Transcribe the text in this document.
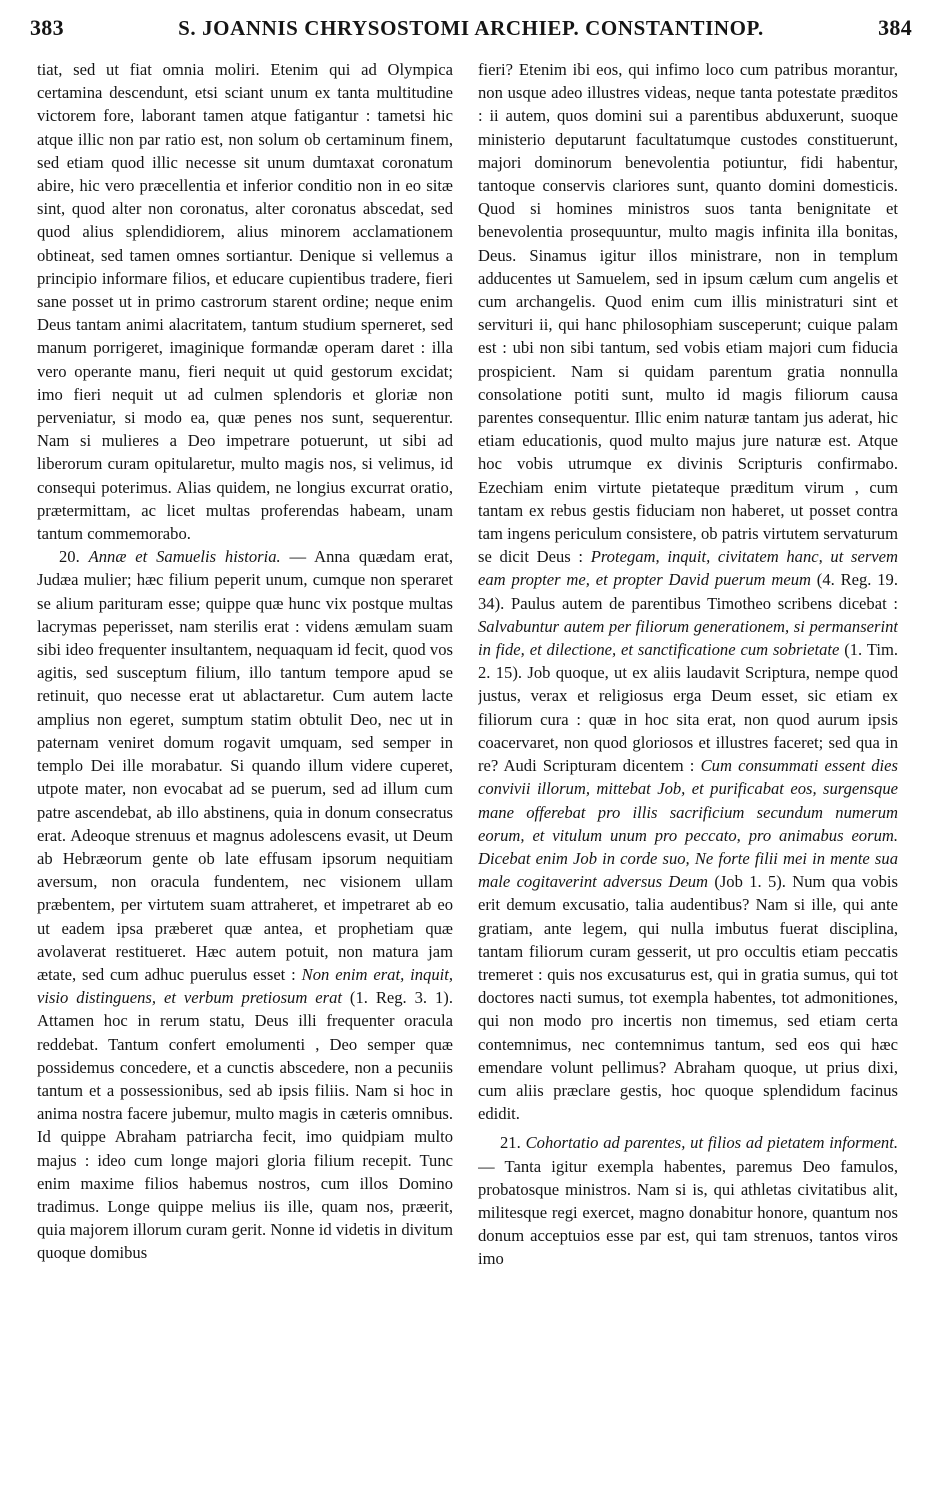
383	S. JOANNIS CHRYSOSTOMI ARCHIEP. CONSTANTINOP.	384

tiat, sed ut fiat omnia moliri. Etenim qui ad Olympica certamina descendunt, etsi sciant unum ex tanta multitudine victorem fore, laborant tamen atque fatigantur : tametsi hic atque illic non par ratio est, non solum ob certaminum finem, sed etiam quod illic necesse sit unum dumtaxat coronatum abire, hic vero præcellentia et inferior conditio non in eo sitæ sint, quod alter non coronatus, alter coronatus abscedat, sed quod alius splendidiorem, alius minorem acclamationem obtineat, sed tamen omnes sortiantur. Denique si vellemus a principio informare filios, et educare cupientibus tradere, fieri sane posset ut in primo castrorum starent ordine; neque enim Deus tantam animi alacritatem, tantum studium sperneret, sed manum porrigeret, imaginique formandæ operam daret : illa vero operante manu, fieri nequit ut quid gestorum excidat; imo fieri nequit ut ad culmen splendoris et gloriæ non perveniatur, si modo ea, quæ penes nos sunt, sequerentur. Nam si mulieres a Deo impetrare potuerunt, ut sibi ad liberorum curam opitularetur, multo magis nos, si velimus, id consequi poterimus. Alias quidem, ne longius excurrat oratio, prætermittam, ac licet multas proferendas habeam, unam tantum commemorabo.

20. Annæ et Samuelis historia. — Anna quædam erat, Judæa mulier; hæc filium peperit unum, cumque non speraret se alium parituram esse; quippe quæ hunc vix postque multas lacrymas peperisset, nam sterilis erat : videns æmulam suam sibi ideo frequenter insultantem, nequaquam id fecit, quod vos agitis, sed susceptum filium, illo tantum tempore apud se retinuit, quo necesse erat ut ablactaretur. Cum autem lacte amplius non egeret, sumptum statim obtulit Deo, nec ut in paternam veniret domum rogavit umquam, sed semper in templo Dei ille morabatur. Si quando illum videre cuperet, utpote mater, non evocabat ad se puerum, sed ad illum cum patre ascendebat, ab illo abstinens, quia in donum consecratus erat. Adeoque strenuus et magnus adolescens evasit, ut Deum ab Hebræorum gente ob late effusam ipsorum nequitiam aversum, non oracula fundentem, nec visionem ullam præbentem, per virtutem suam attraheret, et impetraret ab eo ut eadem ipsa præberet quæ antea, et prophetiam quæ avolaverat restitueret. Hæc autem potuit, non matura jam ætate, sed cum adhuc puerulus esset : Non enim erat, inquit, visio distinguens, et verbum pretiosum erat (1. Reg. 3. 1). Attamen hoc in rerum statu, Deus illi frequenter oracula reddebat. Tantum confert emolumenti , Deo semper quæ possidemus concedere, et a cunctis abscedere, non a pecuniis tantum et a possessionibus, sed ab ipsis filiis. Nam si hoc in anima nostra facere jubemur, multo magis in cæteris omnibus. Id quippe Abraham patriarcha fecit, imo quidpiam multo majus : ideo cum longe majori gloria filium recepit. Tunc enim maxime filios habemus nostros, cum illos Domino tradimus. Longe quippe melius iis ille, quam nos, præerit, quia majorem illorum curam gerit. Nonne id videtis in divitum quoque domibus

fieri? Etenim ibi eos, qui infimo loco cum patribus morantur, non usque adeo illustres videas, neque tanta potestate præditos : ii autem, quos domini sui a parentibus abduxerunt, suoque ministerio deputarunt facultatumque custodes constituerunt, majori dominorum benevolentia potiuntur, fidi habentur, tantoque conservis clariores sunt, quanto domini domesticis. Quod si homines ministros suos tanta benignitate et benevolentia prosequuntur, multo magis infinita illa bonitas, Deus. Sinamus igitur illos ministrare, non in templum adducentes ut Samuelem, sed in ipsum cælum cum angelis et cum archangelis. Quod enim cum illis ministraturi sint et servituri ii, qui hanc philosophiam susceperunt; cuique palam est : ubi non sibi tantum, sed vobis etiam majori cum fiducia prospicient. Nam si quidam parentum gratia nonnulla consolatione potiti sunt, multo id magis filiorum causa parentes consequentur. Illic enim naturæ tantam jus aderat, hic etiam educationis, quod multo majus jure naturæ est. Atque hoc vobis utrumque ex divinis Scripturis confirmabo. Ezechiam enim virtute pietateque præditum virum , cum tantam ex rebus gestis fiduciam non haberet, ut posset contra tam ingens periculum consistere, ob patris virtutem servaturum se dicit Deus : Protegam, inquit, civitatem hanc, ut servem eam propter me, et propter David puerum meum (4. Reg. 19. 34). Paulus autem de parentibus Timotheo scribens dicebat : Salvabuntur autem per filiorum generationem, si permanserint in fide, et dilectione, et sanctificatione cum sobrietate (1. Tim. 2. 15). Job quoque, ut ex aliis laudavit Scriptura, nempe quod justus, verax et religiosus erga Deum esset, sic etiam ex filiorum cura : quæ in hoc sita erat, non quod aurum ipsis coacervaret, non quod gloriosos et illustres faceret; sed qua in re? Audi Scripturam dicentem : Cum consummati essent dies convivii illorum, mittebat Job, et purificabat eos, surgensque mane offerebat pro illis sacrificium secundum numerum eorum, et vitulum unum pro peccato, pro animabus eorum. Dicebat enim Job in corde suo, Ne forte filii mei in mente sua male cogitaverint adversus Deum (Job 1. 5). Num qua vobis erit demum excusatio, talia audentibus? Nam si ille, qui ante gratiam, ante legem, qui nulla imbutus fuerat disciplina, tantam filiorum curam gesserit, ut pro occultis etiam peccatis tremeret : quis nos excusaturus est, qui in gratia sumus, qui tot doctores nacti sumus, tot exempla habentes, tot admonitiones, qui non modo pro incertis non timemus, sed etiam certa contemnimus, nec contemnimus tantum, sed eos qui hæc emendare volunt pellimus? Abraham quoque, ut prius dixi, cum aliis præclare gestis, hoc quoque splendidum facinus edidit.

21. Cohortatio ad parentes, ut filios ad pietatem informent. — Tanta igitur exempla habentes, paremus Deo famulos, probatosque ministros. Nam si is, qui athletas civitatibus alit, militesque regi exercet, magno donabitur honore, quantum nos donum acceptuios esse par est, qui tam strenuos, tantos viros imo
